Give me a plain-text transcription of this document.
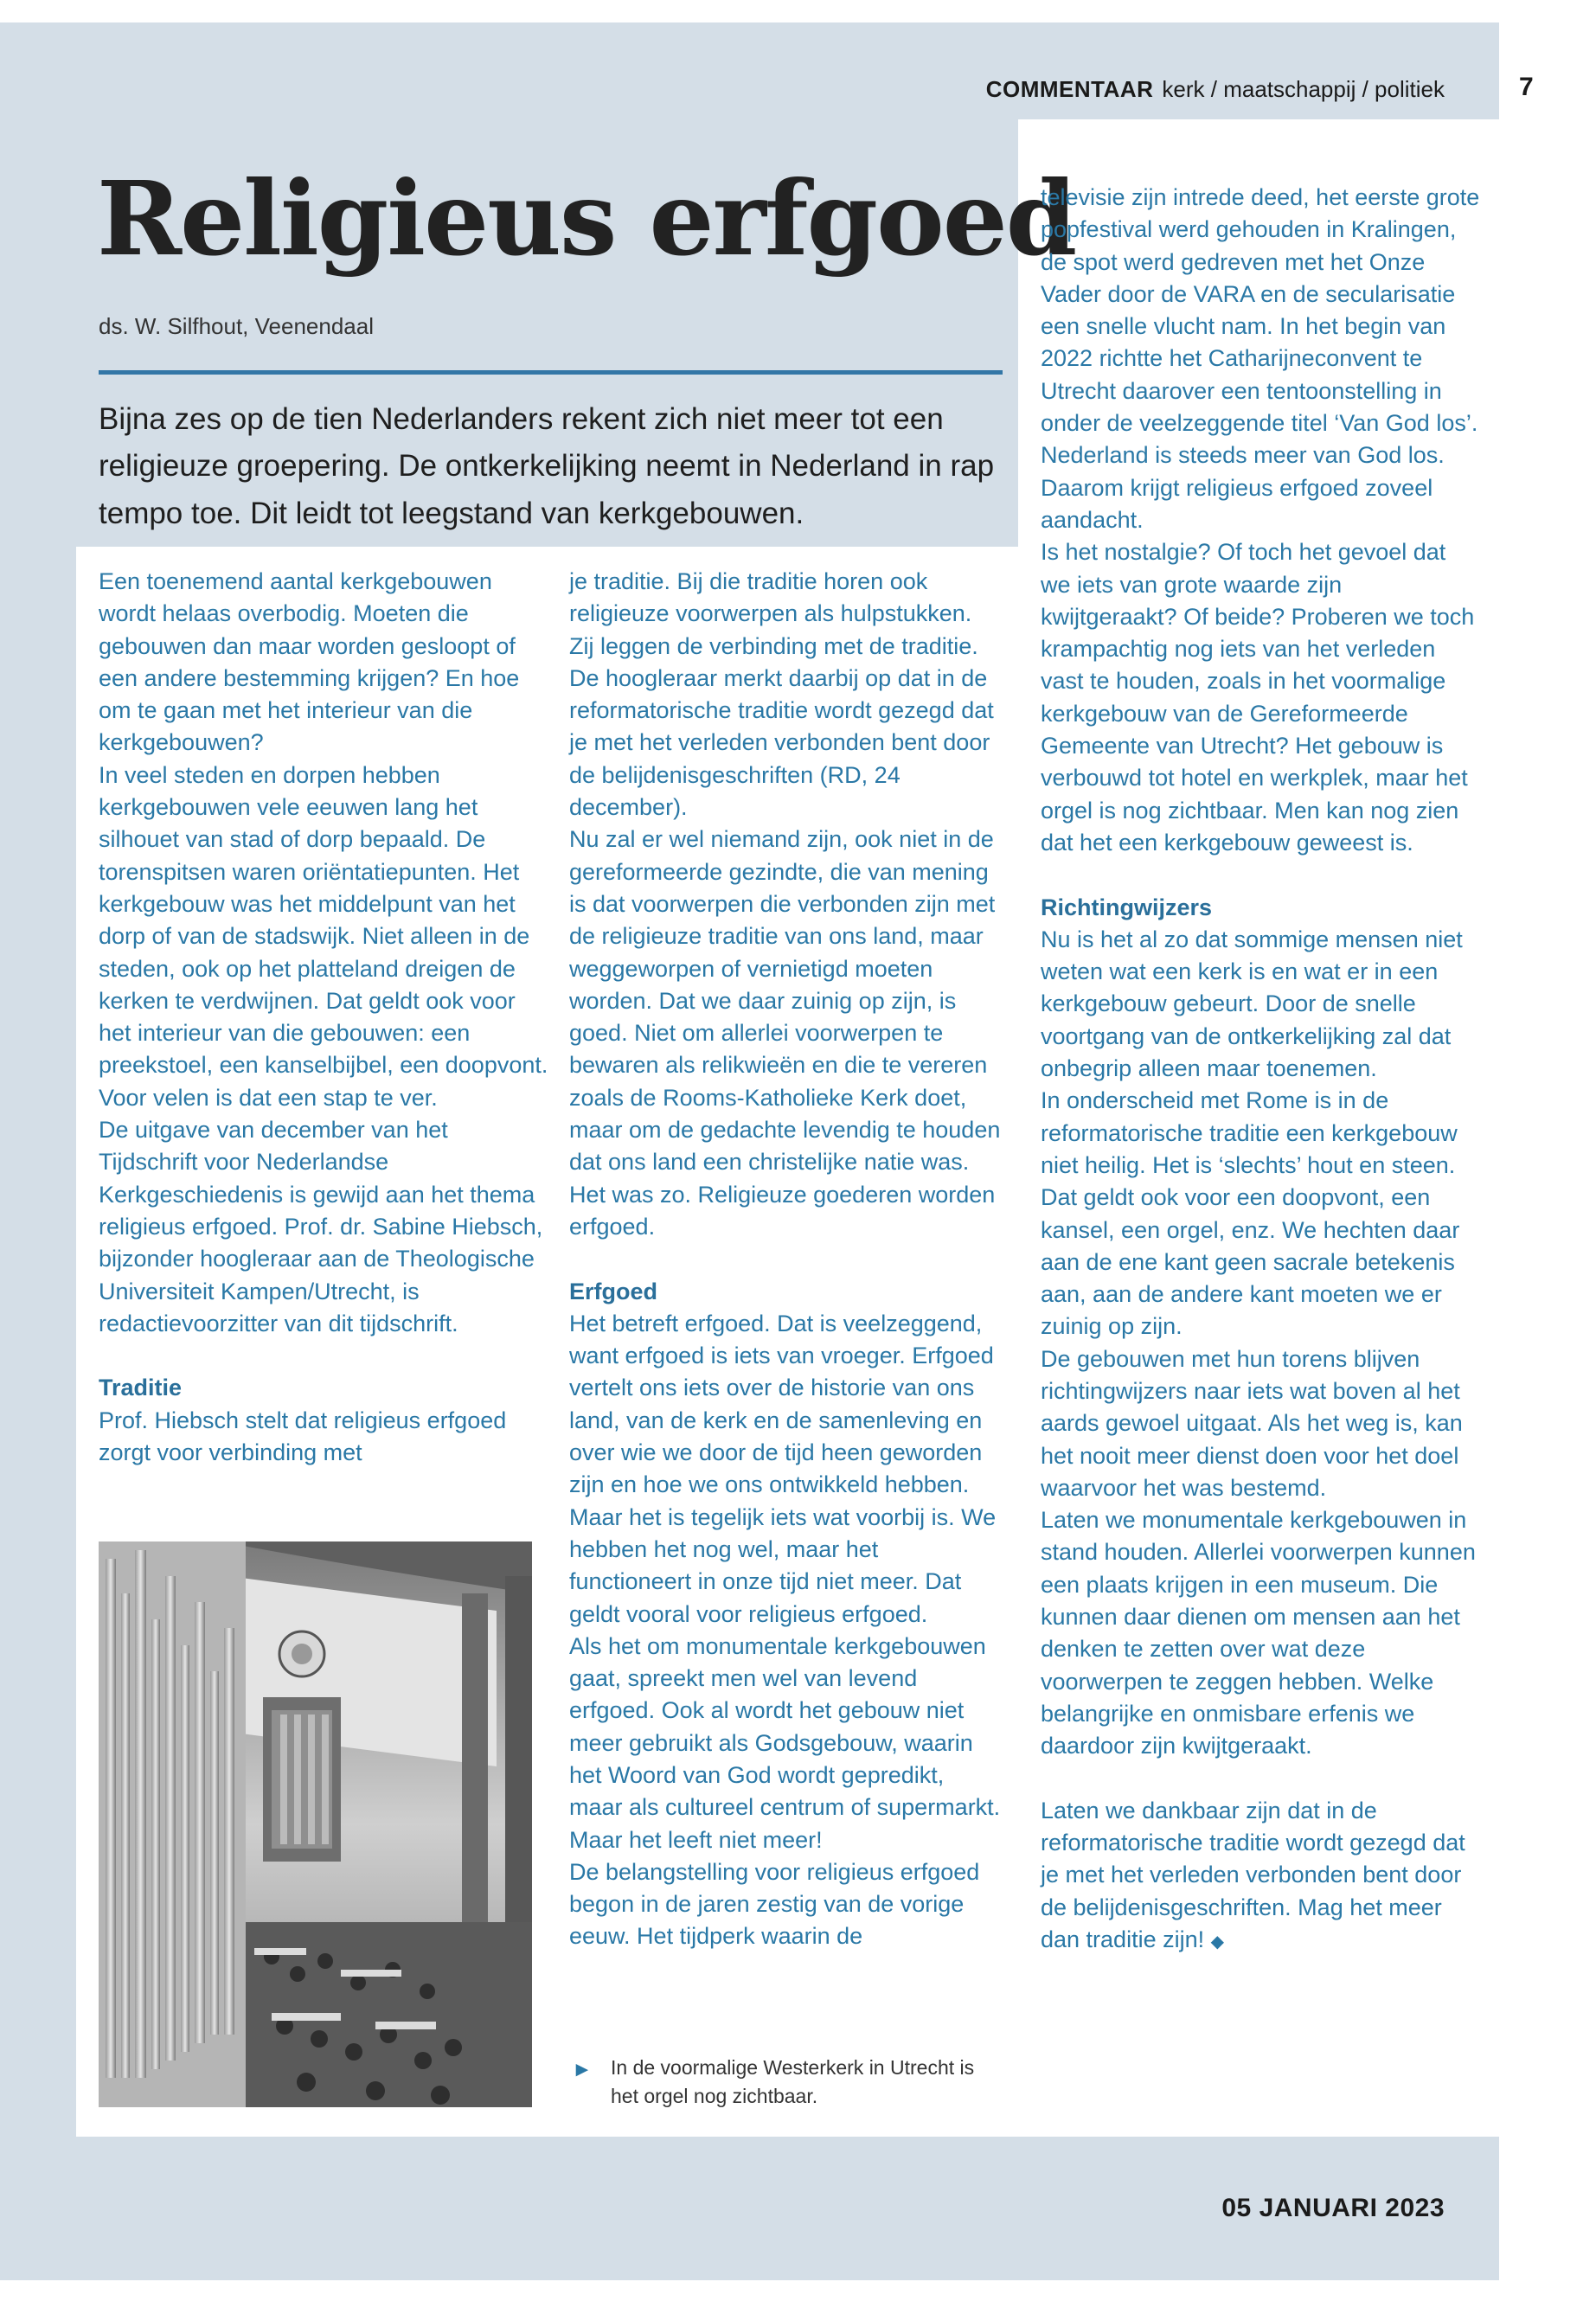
COMMENTAAR kerk / maatschappij / politiek	7
Religieus erfgoed
ds. W. Silfhout, Veenendaal

Bijna zes op de tien Nederlanders rekent zich niet meer tot een religieuze groepering. De ontkerkelijking neemt in Nederland in rap tempo toe. Dit leidt tot leegstand van kerkgebouwen.

Een toenemend aantal kerkgebouwen wordt helaas overbodig. Moeten die gebouwen dan maar worden gesloopt of een andere bestemming krijgen? En hoe om te gaan met het interieur van die kerkgebouwen?

In veel steden en dorpen hebben kerkgebouwen vele eeuwen lang het silhouet van stad of dorp bepaald. De torenspitsen waren oriëntatiepunten. Het kerkgebouw was het middelpunt van het dorp of van de stadswijk. Niet alleen in de steden, ook op het platteland dreigen de kerken te verdwijnen. Dat geldt ook voor het interieur van die gebouwen: een preekstoel, een kanselbijbel, een doopvont. Voor velen is dat een stap te ver.

De uitgave van december van het Tijdschrift voor Nederlandse Kerkgeschiedenis is gewijd aan het thema religieus erfgoed. Prof. dr. Sabine Hiebsch, bijzonder hoogleraar aan de Theologische Universiteit Kampen/Utrecht, is redactievoorzitter van dit tijdschrift.

Traditie

Prof. Hiebsch stelt dat religieus erfgoed zorgt voor verbinding met

je traditie. Bij die traditie horen ook religieuze voorwerpen als hulpstukken. Zij leggen de verbinding met de traditie. De hoogleraar merkt daarbij op dat in de reformatorische traditie wordt gezegd dat je met het verleden verbonden bent door de belijdenisgeschriften (RD, 24 december).

Nu zal er wel niemand zijn, ook niet in de gereformeerde gezindte, die van mening is dat voorwerpen die verbonden zijn met de religieuze traditie van ons land, maar weggeworpen of vernietigd moeten worden. Dat we daar zuinig op zijn, is goed. Niet om allerlei voorwerpen te bewaren als relikwieën en die te vereren zoals de Rooms-Katholieke Kerk doet, maar om de gedachte levendig te houden dat ons land een christelijke natie was. Het was zo. Religieuze goederen worden erfgoed.

Erfgoed

Het betreft erfgoed. Dat is veelzeggend, want erfgoed is iets van vroeger. Erfgoed vertelt ons iets over de historie van ons land, van de kerk en de samenleving en over wie we door de tijd heen geworden zijn en hoe we ons ontwikkeld hebben. Maar het is tegelijk iets wat voorbij is. We hebben het nog wel, maar het functioneert in onze tijd niet meer. Dat geldt vooral voor religieus erfgoed.

Als het om monumentale kerkgebouwen gaat, spreekt men wel van levend erfgoed. Ook al wordt het gebouw niet meer gebruikt als Godsgebouw, waarin het Woord van God wordt gepredikt, maar als cultureel centrum of supermarkt. Maar het leeft niet meer!

De belangstelling voor religieus erfgoed begon in de jaren zestig van de vorige eeuw. Het tijdperk waarin de

► In de voormalige Westerkerk in Utrecht is het orgel nog zichtbaar.

televisie zijn intrede deed, het eerste grote popfestival werd gehouden in Kralingen, de spot werd gedreven met het Onze Vader door de VARA en de secularisatie een snelle vlucht nam. In het begin van 2022 richtte het Catharijneconvent te Utrecht daarover een tentoonstelling in onder de veelzeggende titel ‘Van God los’. Nederland is steeds meer van God los. Daarom krijgt religieus erfgoed zoveel aandacht.

Is het nostalgie? Of toch het gevoel dat we iets van grote waarde zijn kwijtgeraakt? Of beide? Proberen we toch krampachtig nog iets van het verleden vast te houden, zoals in het voormalige kerkgebouw van de Gereformeerde Gemeente van Utrecht? Het gebouw is verbouwd tot hotel en werkplek, maar het orgel is nog zichtbaar. Men kan nog zien dat het een kerkgebouw geweest is.

Richtingwijzers

Nu is het al zo dat sommige mensen niet weten wat een kerk is en wat er in een kerkgebouw gebeurt. Door de snelle voortgang van de ontkerkelijking zal dat onbegrip alleen maar toenemen.

In onderscheid met Rome is in de reformatorische traditie een kerkgebouw niet heilig. Het is ‘slechts’ hout en steen. Dat geldt ook voor een doopvont, een kansel, een orgel, enz. We hechten daar aan de ene kant geen sacrale betekenis aan, aan de andere kant moeten we er zuinig op zijn.

De gebouwen met hun torens blijven richtingwijzers naar iets wat boven al het aards gewoel uitgaat. Als het weg is, kan het nooit meer dienst doen voor het doel waarvoor het was bestemd.

Laten we monumentale kerkgebouwen in stand houden. Allerlei voorwerpen kunnen een plaats krijgen in een museum. Die kunnen daar dienen om mensen aan het denken te zetten over wat deze voorwerpen te zeggen hebben. Welke belangrijke en onmisbare erfenis we daardoor zijn kwijtgeraakt.

Laten we dankbaar zijn dat in de reformatorische traditie wordt gezegd dat je met het verleden verbonden bent door de belijdenisgeschriften. Mag het meer dan traditie zijn! ◆

05 JANUARI 2023
